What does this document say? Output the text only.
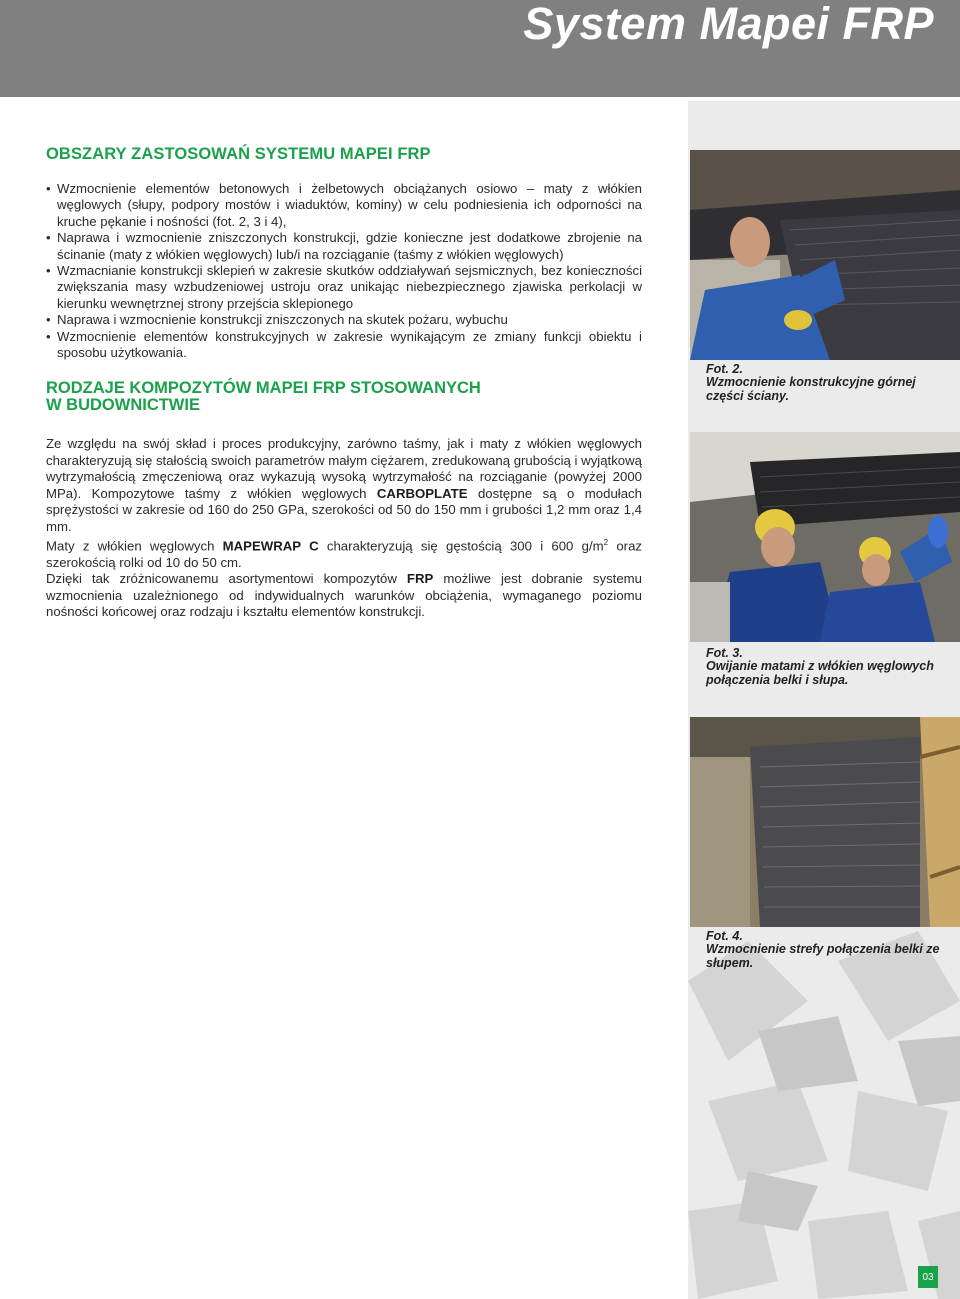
System Mapei FRP
OBSZARY ZASTOSOWAŃ SYSTEMU MAPEI FRP
• Wzmocnienie elementów betonowych i żelbetowych obciążanych osiowo – maty z włókien węglowych (słupy, podpory mostów i wiaduktów, kominy) w celu podniesienia ich odporności na kruche pękanie i nośności (fot. 2, 3 i 4),
• Naprawa i wzmocnienie zniszczonych konstrukcji, gdzie konieczne jest dodatkowe zbrojenie na ścinanie (maty z włókien węglowych) lub/i na rozciąganie (taśmy z włókien węglowych)
• Wzmacnianie konstrukcji sklepień w zakresie skutków oddziaływań sejsmicznych, bez konieczności zwiększania masy wzbudzeniowej ustroju oraz unikając niebezpiecznego zjawiska perkolacji w kierunku wewnętrznej strony przejścia sklepionego
• Naprawa i wzmocnienie konstrukcji zniszczonych na skutek pożaru, wybuchu
• Wzmocnienie elementów konstrukcyjnych w zakresie wynikającym ze zmiany funkcji obiektu i sposobu użytkowania.
RODZAJE KOMPOZYTÓW MAPEI FRP STOSOWANYCH
W BUDOWNICTWIE

Ze względu na swój skład i proces produkcyjny, zarówno taśmy, jak i maty z włókien węglowych charakteryzują się stałością swoich parametrów małym ciężarem, zredukowaną grubością i wyjątkową wytrzymałością zmęczeniową oraz wykazują wysoką wytrzymałość na rozciąganie (powyżej 2000 MPa). Kompozytowe taśmy z włókien węglowych CARBOPLATE dostępne są o modułach sprężystości w zakresie od 160 do 250 GPa, szerokości od 50 do 150 mm i grubości 1,2 mm oraz 1,4 mm.

Maty z włókien węglowych MAPEWRAP C charakteryzują się gęstością 300 i 600 $g/m^2$ oraz szerokością rolki od 10 do 50 cm.

Dzięki tak zróżnicowanemu asortymentowi kompozytów FRP możliwe jest dobranie systemu wzmocnienia uzależnionego od indywidualnych warunków obciążenia, wymaganego poziomu nośności końcowej oraz rodzaju i kształtu elementów konstrukcji.

Fot. 2.
Wzmocnienie konstrukcyjne górnej części ściany.
Fot. 3.
Owijanie matami z włókien węglowych połączenia belki i słupa.
Fot. 4.
Wzmocnienie strefy połączenia belki ze słupem.
03
